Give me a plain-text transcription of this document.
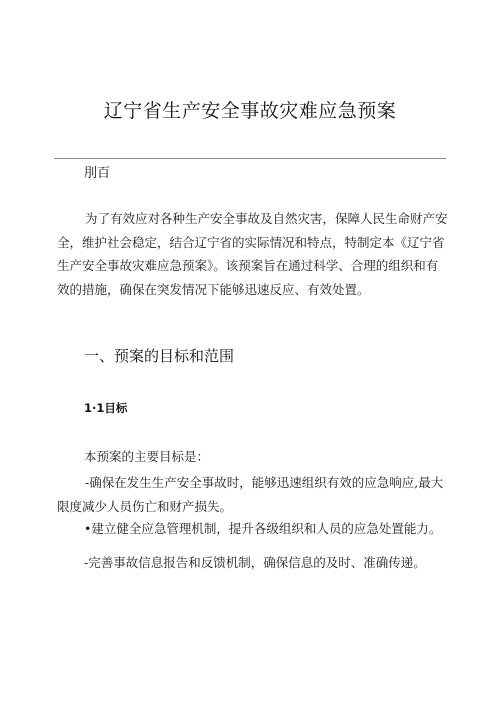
辽宁省生产安全事故灾难应急预案
刖百
为了有效应对各种生产安全事故及自然灾害，保障人民生命财产安全，维护社会稳定，结合辽宁省的实际情况和特点，特制定本《辽宁省生产安全事故灾难应急预案》。该预案旨在通过科学、合理的组织和有效的措施，确保在突发情况下能够迅速反应、有效处置。
一、预案的目标和范围
1·1目标
本预案的主要目标是：
-确保在发生生产安全事故时，能够迅速组织有效的应急响应,最大限度减少人员伤亡和财产损失。
•建立健全应急管理机制，提升各级组织和人员的应急处置能力。
-完善事故信息报告和反馈机制，确保信息的及时、准确传递。
